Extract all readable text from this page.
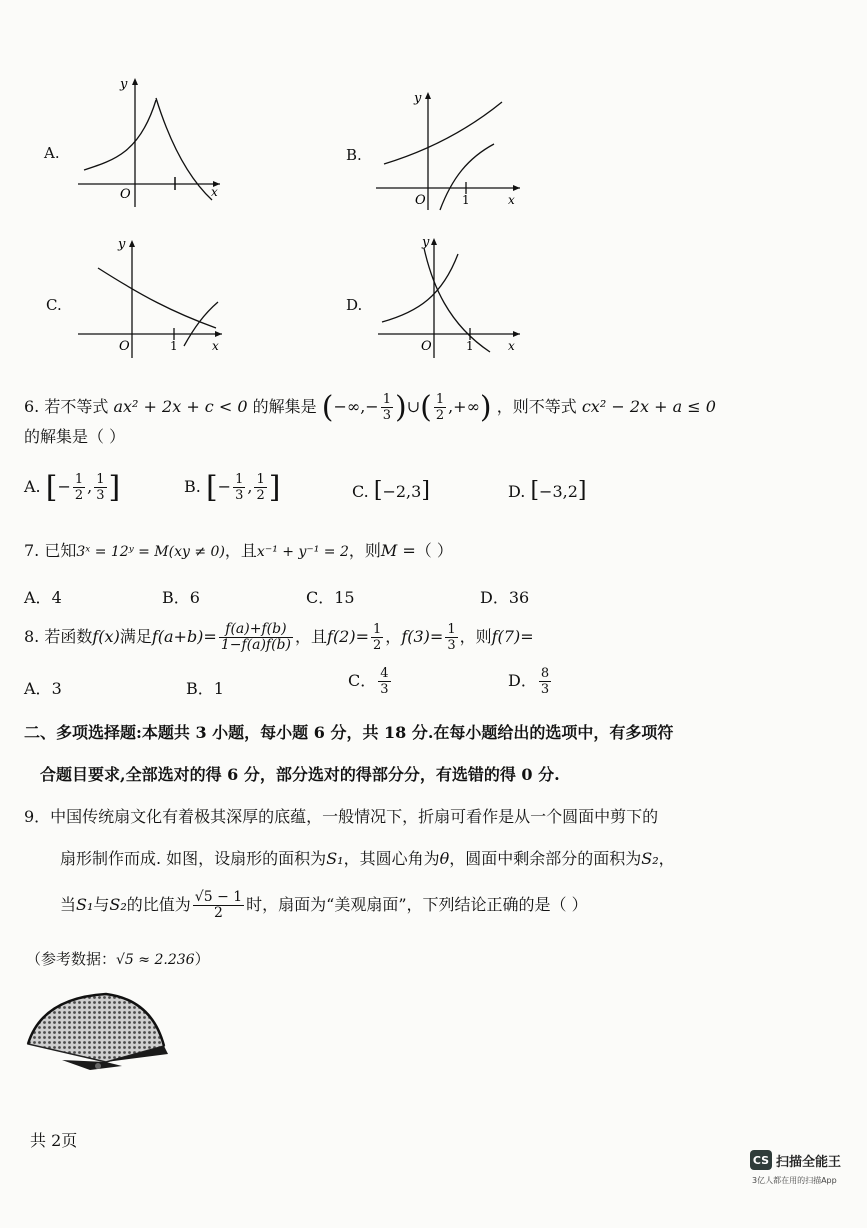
A.
y
O	x
B.
y
O	1	x
C.
y
O	1	x
D.
y
O	1	x
6. 若不等式 ax² + 2x + c < 0 的解集是 (−∞,− $\frac{1}{3}$ )∪( $\frac{1}{2}$ ,+∞) ，则不等式 cx² − 2x + a ≤ 0
的解集是（ ）
A. [− $\frac{1}{2}$ , $\frac{1}{3}$ ]	B. [− $\frac{1}{3}$ , $\frac{1}{2}$ ]	C. [−2,3]	D. [−3,2]
7. 已知3ˣ = 12ʸ = M(xy ≠ 0)，且x⁻¹ + y⁻¹ = 2，则M =（ ）
A．4	B．6	C．15	D．36
8. 若函数f(x)满足$f(a+b)= \frac{f(a)+f(b)}{1-f(a)f(b)}$ ，且$f(2)= \frac{1}{2}$ ，$f(3)= \frac{1}{3}$ ，则f(7)=
A．3	B．1	C． $\frac{4}{3}$	D． $\frac{8}{3}$
二、多项选择题:本题共 3 小题，每小题 6 分，共 18 分.在每小题给出的选项中，有多项符
合题目要求,全部选对的得 6 分，部分选对的得部分分，有选错的得 0 分.
9．中国传统扇文化有着极其深厚的底蕴，一般情况下，折扇可看作是从一个圆面中剪下的
扇形制作而成. 如图，设扇形的面积为S₁，其圆心角为θ，圆面中剩余部分的面积为S₂，
当S₁与S₂的比值为 $\frac{√5 - 1}{2}$ 时，扇面为“美观扇面”，下列结论正确的是（ ）
（参考数据：√5 ≈ 2.236）
共 2页
CS 扫描全能王
3亿人都在用的扫描App
